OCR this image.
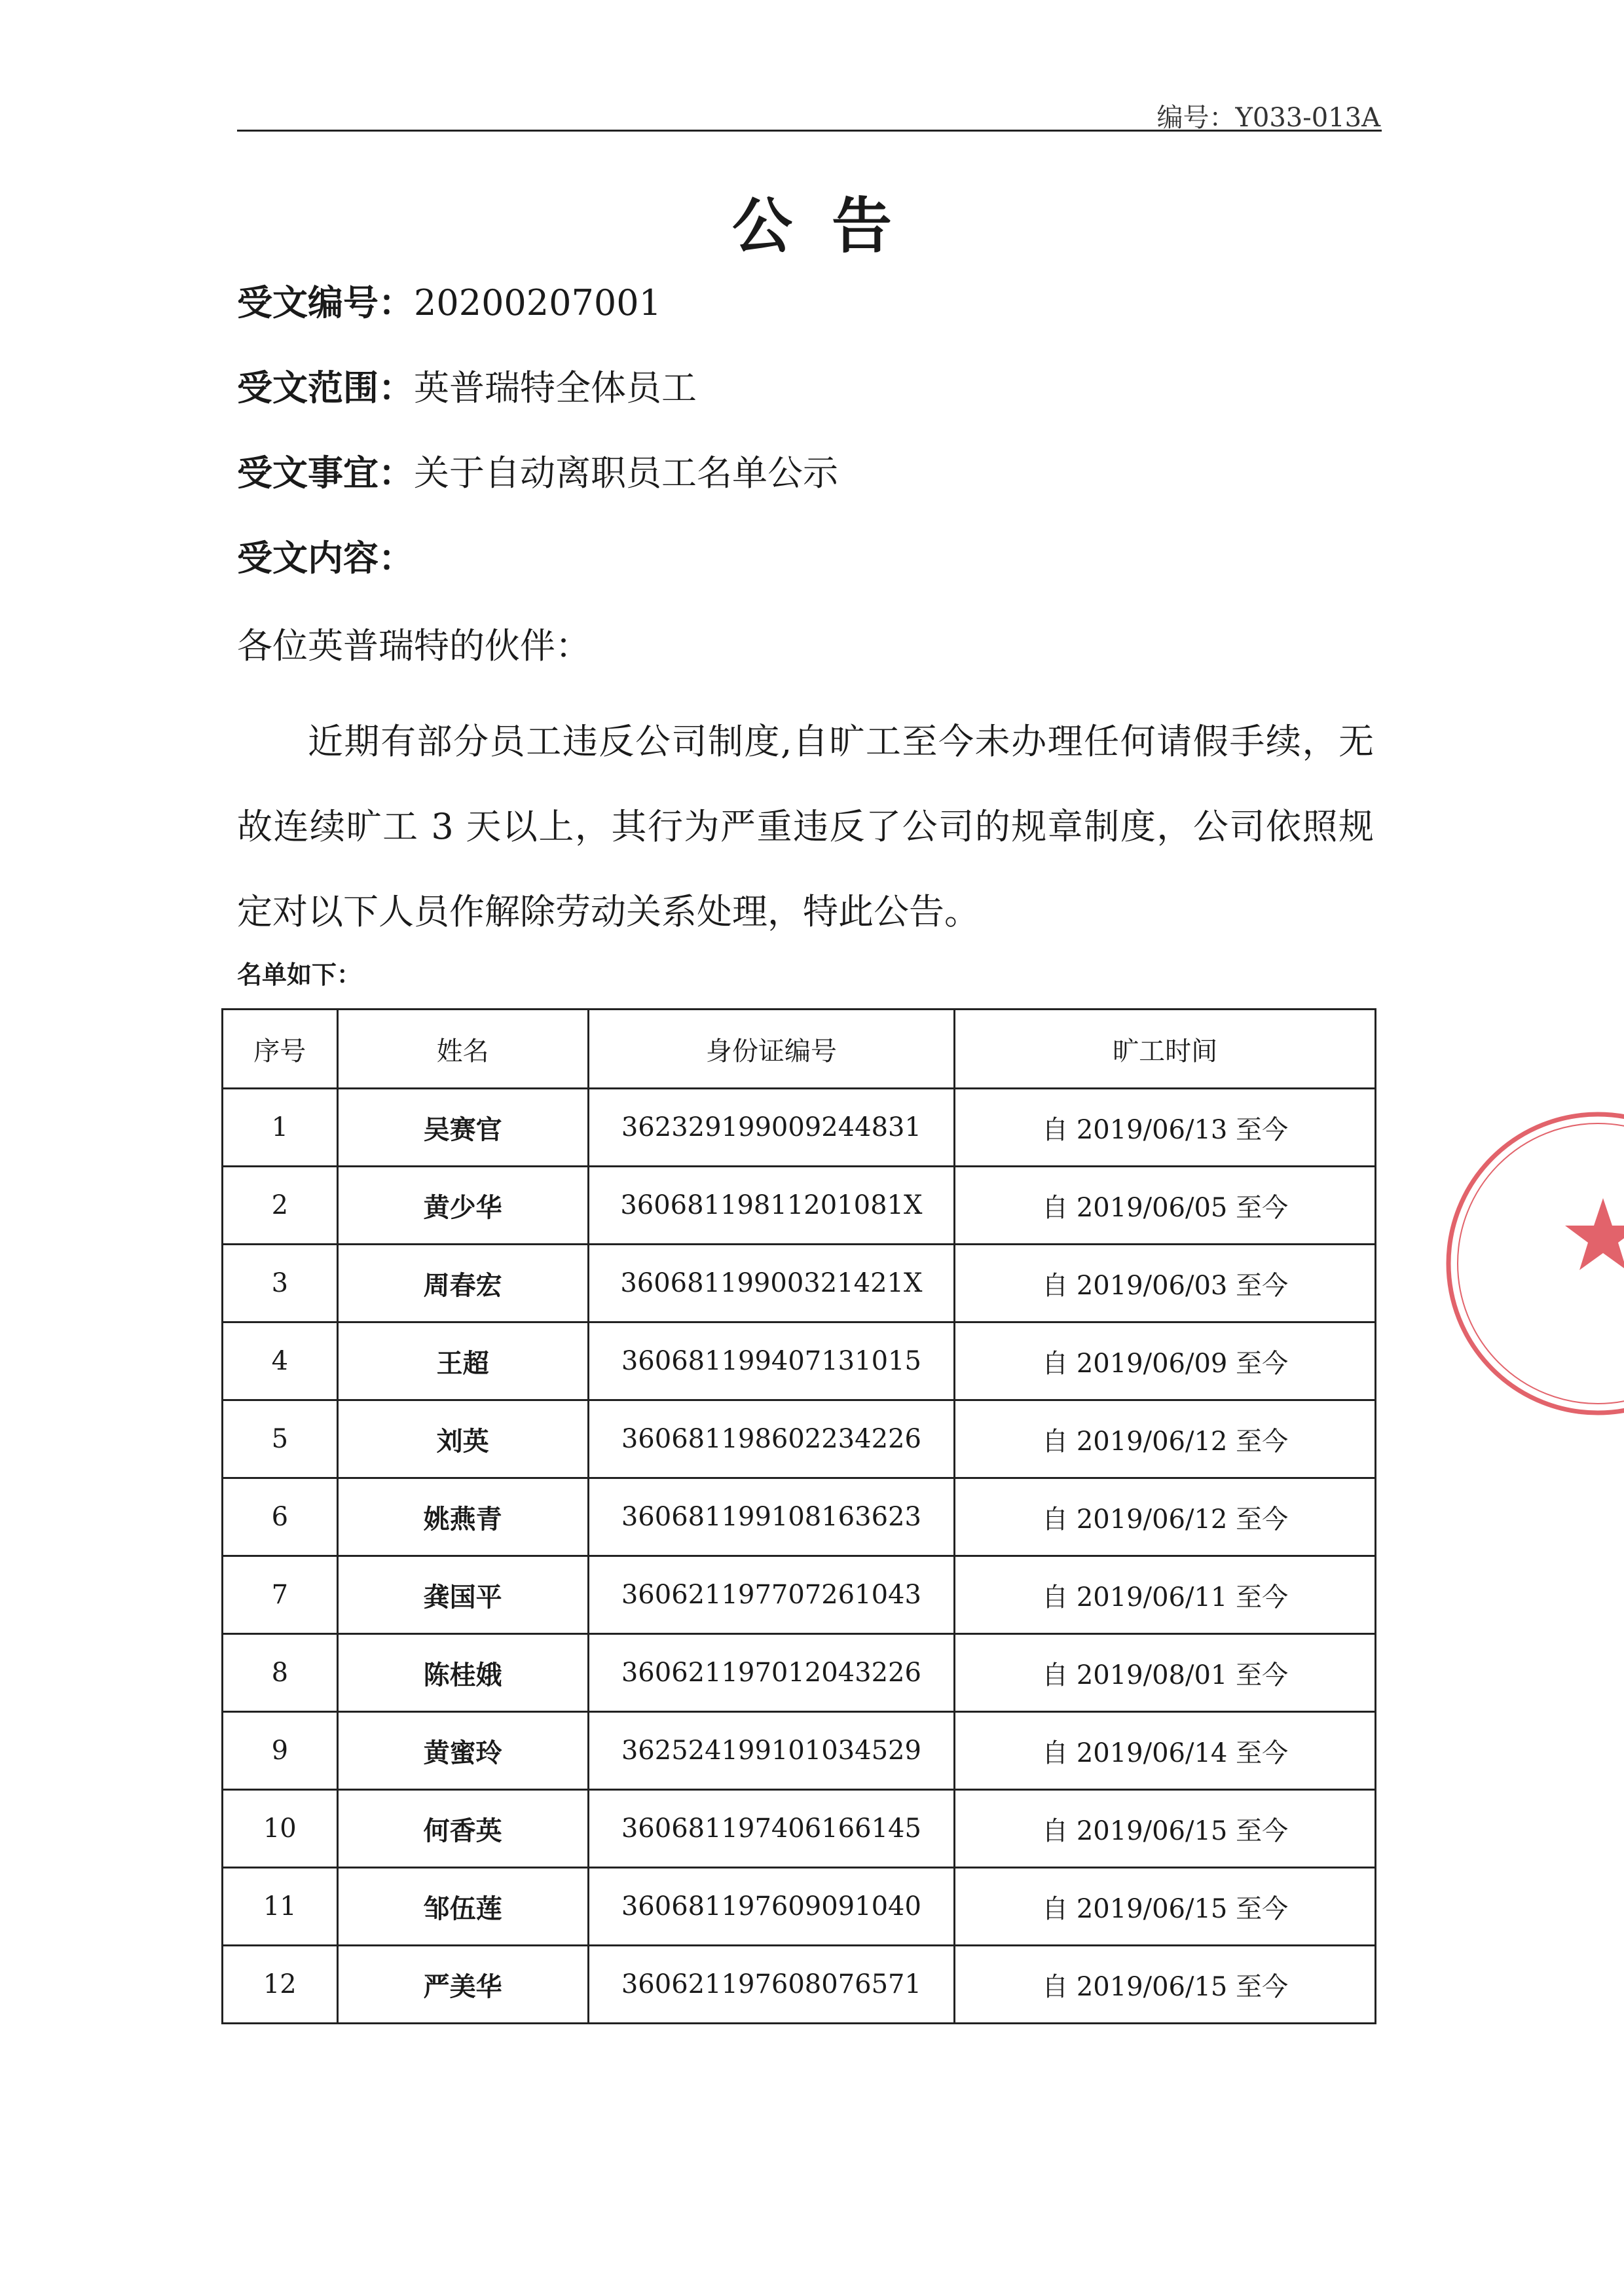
编号：Y033-013A
公告
受文编号：20200207001
受文范围：英普瑞特全体员工
受文事宜：关于自动离职员工名单公示
受文内容：
各位英普瑞特的伙伴：
近期有部分员工违反公司制度,自旷工至今未办理任何请假手续，无故连续旷工 3 天以上，其行为严重违反了公司的规章制度，公司依照规定对以下人员作解除劳动关系处理，特此公告。
名单如下：
序号	姓名	身份证编号	旷工时间
1	吴赛官	362329199009244831	自 2019/06/13 至今
2	黄少华	36068119811201081X	自 2019/06/05 至今
3	周春宏	36068119900321421X	自 2019/06/03 至今
4	王超	360681199407131015	自 2019/06/09 至今
5	刘英	360681198602234226	自 2019/06/12 至今
6	姚燕青	360681199108163623	自 2019/06/12 至今
7	龚国平	360621197707261043	自 2019/06/11 至今
8	陈桂娥	360621197012043226	自 2019/08/01 至今
9	黄蜜玲	362524199101034529	自 2019/06/14 至今
10	何香英	360681197406166145	自 2019/06/15 至今
11	邹伍莲	360681197609091040	自 2019/06/15 至今
12	严美华	360621197608076571	自 2019/06/15 至今
